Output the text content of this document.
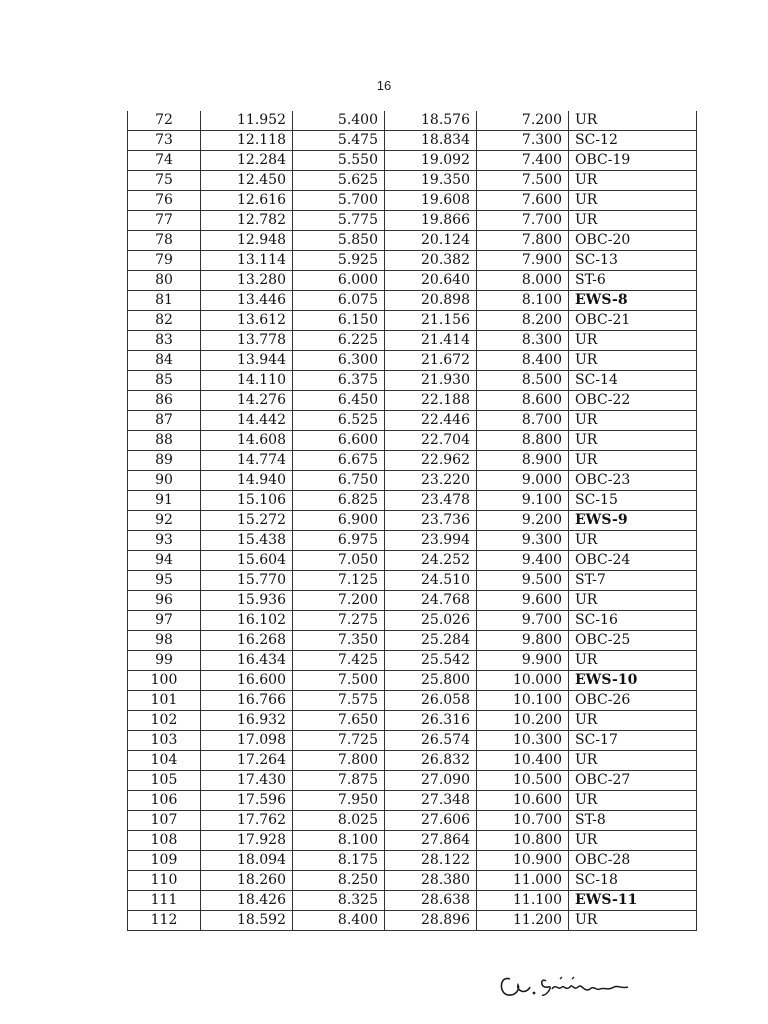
16
72	11.952	5.400	18.576	7.200	UR
73	12.118	5.475	18.834	7.300	SC-12
74	12.284	5.550	19.092	7.400	OBC-19
75	12.450	5.625	19.350	7.500	UR
76	12.616	5.700	19.608	7.600	UR
77	12.782	5.775	19.866	7.700	UR
78	12.948	5.850	20.124	7.800	OBC-20
79	13.114	5.925	20.382	7.900	SC-13
80	13.280	6.000	20.640	8.000	ST-6
81	13.446	6.075	20.898	8.100	EWS-8
82	13.612	6.150	21.156	8.200	OBC-21
83	13.778	6.225	21.414	8.300	UR
84	13.944	6.300	21.672	8.400	UR
85	14.110	6.375	21.930	8.500	SC-14
86	14.276	6.450	22.188	8.600	OBC-22
87	14.442	6.525	22.446	8.700	UR
88	14.608	6.600	22.704	8.800	UR
89	14.774	6.675	22.962	8.900	UR
90	14.940	6.750	23.220	9.000	OBC-23
91	15.106	6.825	23.478	9.100	SC-15
92	15.272	6.900	23.736	9.200	EWS-9
93	15.438	6.975	23.994	9.300	UR
94	15.604	7.050	24.252	9.400	OBC-24
95	15.770	7.125	24.510	9.500	ST-7
96	15.936	7.200	24.768	9.600	UR
97	16.102	7.275	25.026	9.700	SC-16
98	16.268	7.350	25.284	9.800	OBC-25
99	16.434	7.425	25.542	9.900	UR
100	16.600	7.500	25.800	10.000	EWS-10
101	16.766	7.575	26.058	10.100	OBC-26
102	16.932	7.650	26.316	10.200	UR
103	17.098	7.725	26.574	10.300	SC-17
104	17.264	7.800	26.832	10.400	UR
105	17.430	7.875	27.090	10.500	OBC-27
106	17.596	7.950	27.348	10.600	UR
107	17.762	8.025	27.606	10.700	ST-8
108	17.928	8.100	27.864	10.800	UR
109	18.094	8.175	28.122	10.900	OBC-28
110	18.260	8.250	28.380	11.000	SC-18
111	18.426	8.325	28.638	11.100	EWS-11
112	18.592	8.400	28.896	11.200	UR
